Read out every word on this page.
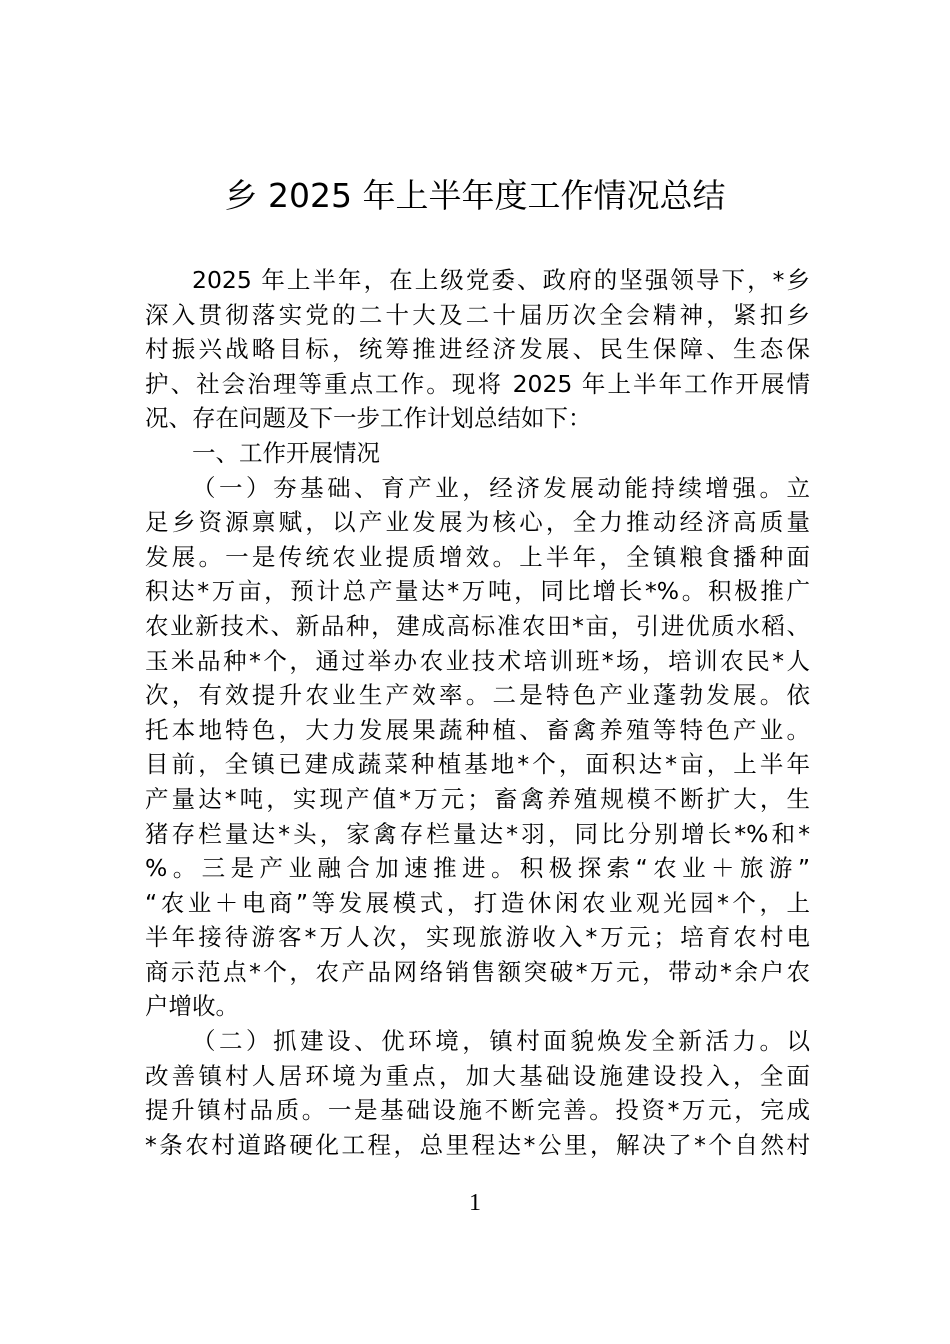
乡 2025 年上半年度工作情况总结
2025 年上半年，在上级党委、政府的坚强领导下，*乡
深入贯彻落实党的二十大及二十届历次全会精神，紧扣乡
村振兴战略目标，统筹推进经济发展、民生保障、生态保
护、社会治理等重点工作。现将 2025 年上半年工作开展情
况、存在问题及下一步工作计划总结如下：
一、工作开展情况
（一）夯基础、育产业，经济发展动能持续增强。立
足乡资源禀赋，以产业发展为核心，全力推动经济高质量
发展。一是传统农业提质增效。上半年，全镇粮食播种面
积达*万亩，预计总产量达*万吨，同比增长*%。积极推广
农业新技术、新品种，建成高标准农田*亩，引进优质水稻、
玉米品种*个，通过举办农业技术培训班*场，培训农民*人
次，有效提升农业生产效率。二是特色产业蓬勃发展。依
托本地特色，大力发展果蔬种植、畜禽养殖等特色产业。
目前，全镇已建成蔬菜种植基地*个，面积达*亩，上半年
产量达*吨，实现产值*万元；畜禽养殖规模不断扩大，生
猪存栏量达*头，家禽存栏量达*羽，同比分别增长*%和*
%。三是产业融合加速推进。积极探索“农业＋旅游”
“农业＋电商”等发展模式，打造休闲农业观光园*个，上
半年接待游客*万人次，实现旅游收入*万元；培育农村电
商示范点*个，农产品网络销售额突破*万元，带动*余户农
户增收。
（二）抓建设、优环境，镇村面貌焕发全新活力。以
改善镇村人居环境为重点，加大基础设施建设投入，全面
提升镇村品质。一是基础设施不断完善。投资*万元，完成
*条农村道路硬化工程，总里程达*公里，解决了*个自然村
1
